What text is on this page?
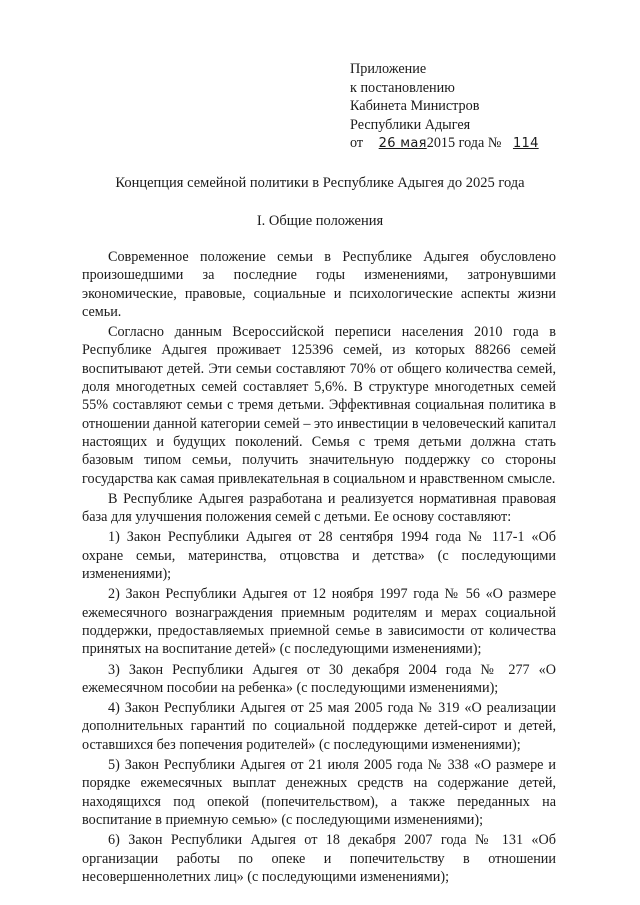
Приложение
к постановлению
Кабинета Министров
Республики Адыгея
от 26 мая2015 года № 114
Концепция семейной политики в Республике Адыгея до 2025 года
I. Общие положения

Современное положение семьи в Республике Адыгея обусловлено произошедшими за последние годы изменениями, затронувшими экономические, правовые, социальные и психологические аспекты жизни семьи.

Согласно данным Всероссийской переписи населения 2010 года в Республике Адыгея проживает 125396 семей, из которых 88266 семей воспитывают детей. Эти семьи составляют 70% от общего количества семей, доля многодетных семей составляет 5,6%. В структуре многодетных семей 55% составляют семьи с тремя детьми. Эффективная социальная политика в отношении данной категории семей – это инвестиции в человеческий капитал настоящих и будущих поколений. Семья с тремя детьми должна стать базовым типом семьи, получить значительную поддержку со стороны государства как самая привлекательная в социальном и нравственном смысле.

В Республике Адыгея разработана и реализуется нормативная правовая база для улучшения положения семей с детьми. Ее основу составляют:

1) Закон Республики Адыгея от 28 сентября 1994 года № 117-1 «Об охране семьи, материнства, отцовства и детства» (с последующими изменениями);

2) Закон Республики Адыгея от 12 ноября 1997 года № 56 «О размере ежемесячного вознаграждения приемным родителям и мерах социальной поддержки, предоставляемых приемной семье в зависимости от количества принятых на воспитание детей» (с последующими изменениями);

3) Закон Республики Адыгея от 30 декабря 2004 года № 277 «О ежемесячном пособии на ребенка» (с последующими изменениями);

4) Закон Республики Адыгея от 25 мая 2005 года № 319 «О реализации дополнительных гарантий по социальной поддержке детей-сирот и детей, оставшихся без попечения родителей» (с последующими изменениями);

5) Закон Республики Адыгея от 21 июля 2005 года № 338 «О размере и порядке ежемесячных выплат денежных средств на содержание детей, находящихся под опекой (попечительством), а также переданных на воспитание в приемную семью» (с последующими изменениями);

6) Закон Республики Адыгея от 18 декабря 2007 года № 131 «Об организации работы по опеке и попечительству в отношении несовершеннолетних лиц» (с последующими изменениями);
